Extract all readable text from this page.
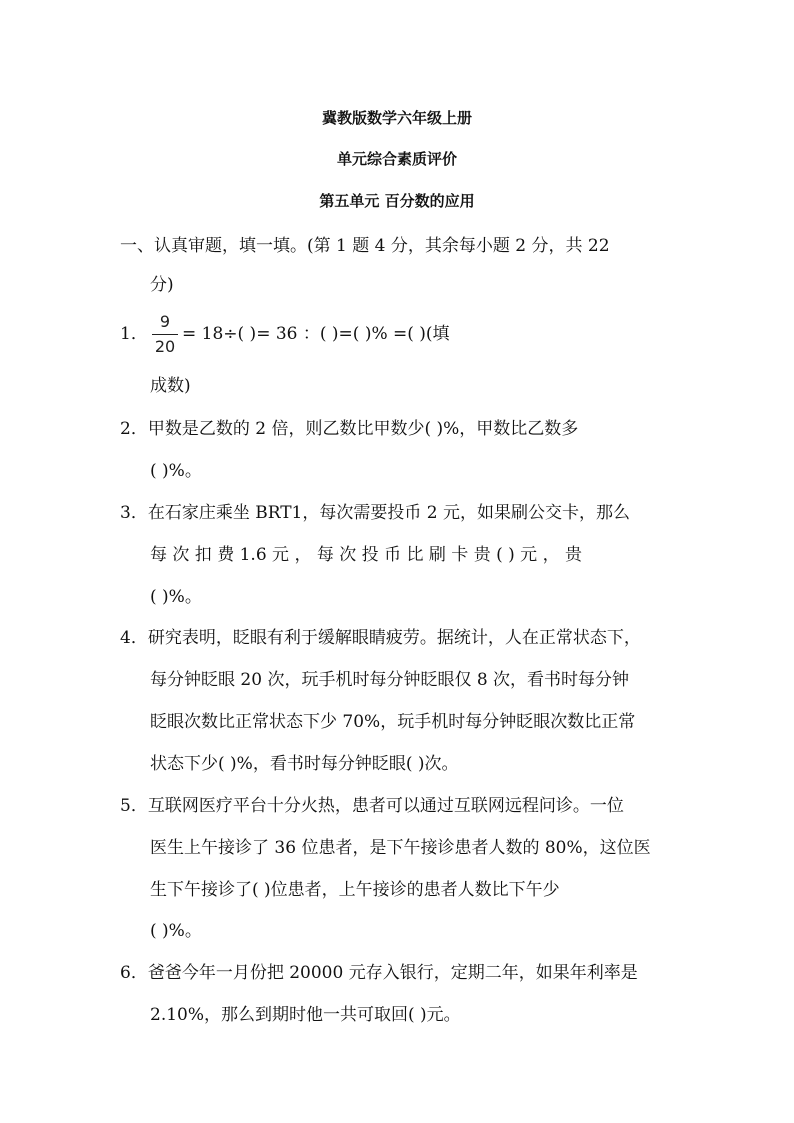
冀教版数学六年级上册
单元综合素质评价
第五单元 百分数的应用
一、认真审题，填一填。(第 1 题 4 分，其余每小题 2 分，共 22
分)
1．
9
20
= 18÷( )= 36 ：( )=( )% =( )(填
成数)
2．甲数是乙数的 2 倍，则乙数比甲数少( )%，甲数比乙数多
( )%。
3．在石家庄乘坐 BRT1，每次需要投币 2 元，如果刷公交卡，那么
每 次 扣 费 1.6 元 ， 每 次 投 币 比 刷 卡 贵 ( ) 元 ， 贵
( )%。
4．研究表明，眨眼有利于缓解眼睛疲劳。据统计，人在正常状态下，
每分钟眨眼 20 次，玩手机时每分钟眨眼仅 8 次，看书时每分钟
眨眼次数比正常状态下少 70%，玩手机时每分钟眨眼次数比正常
状态下少( )%，看书时每分钟眨眼( )次。
5．互联网医疗平台十分火热，患者可以通过互联网远程问诊。一位
医生上午接诊了 36 位患者，是下午接诊患者人数的 80%，这位医
生下午接诊了( )位患者，上午接诊的患者人数比下午少
( )%。
6．爸爸今年一月份把 20000 元存入银行，定期二年，如果年利率是
2.10%，那么到期时他一共可取回( )元。
